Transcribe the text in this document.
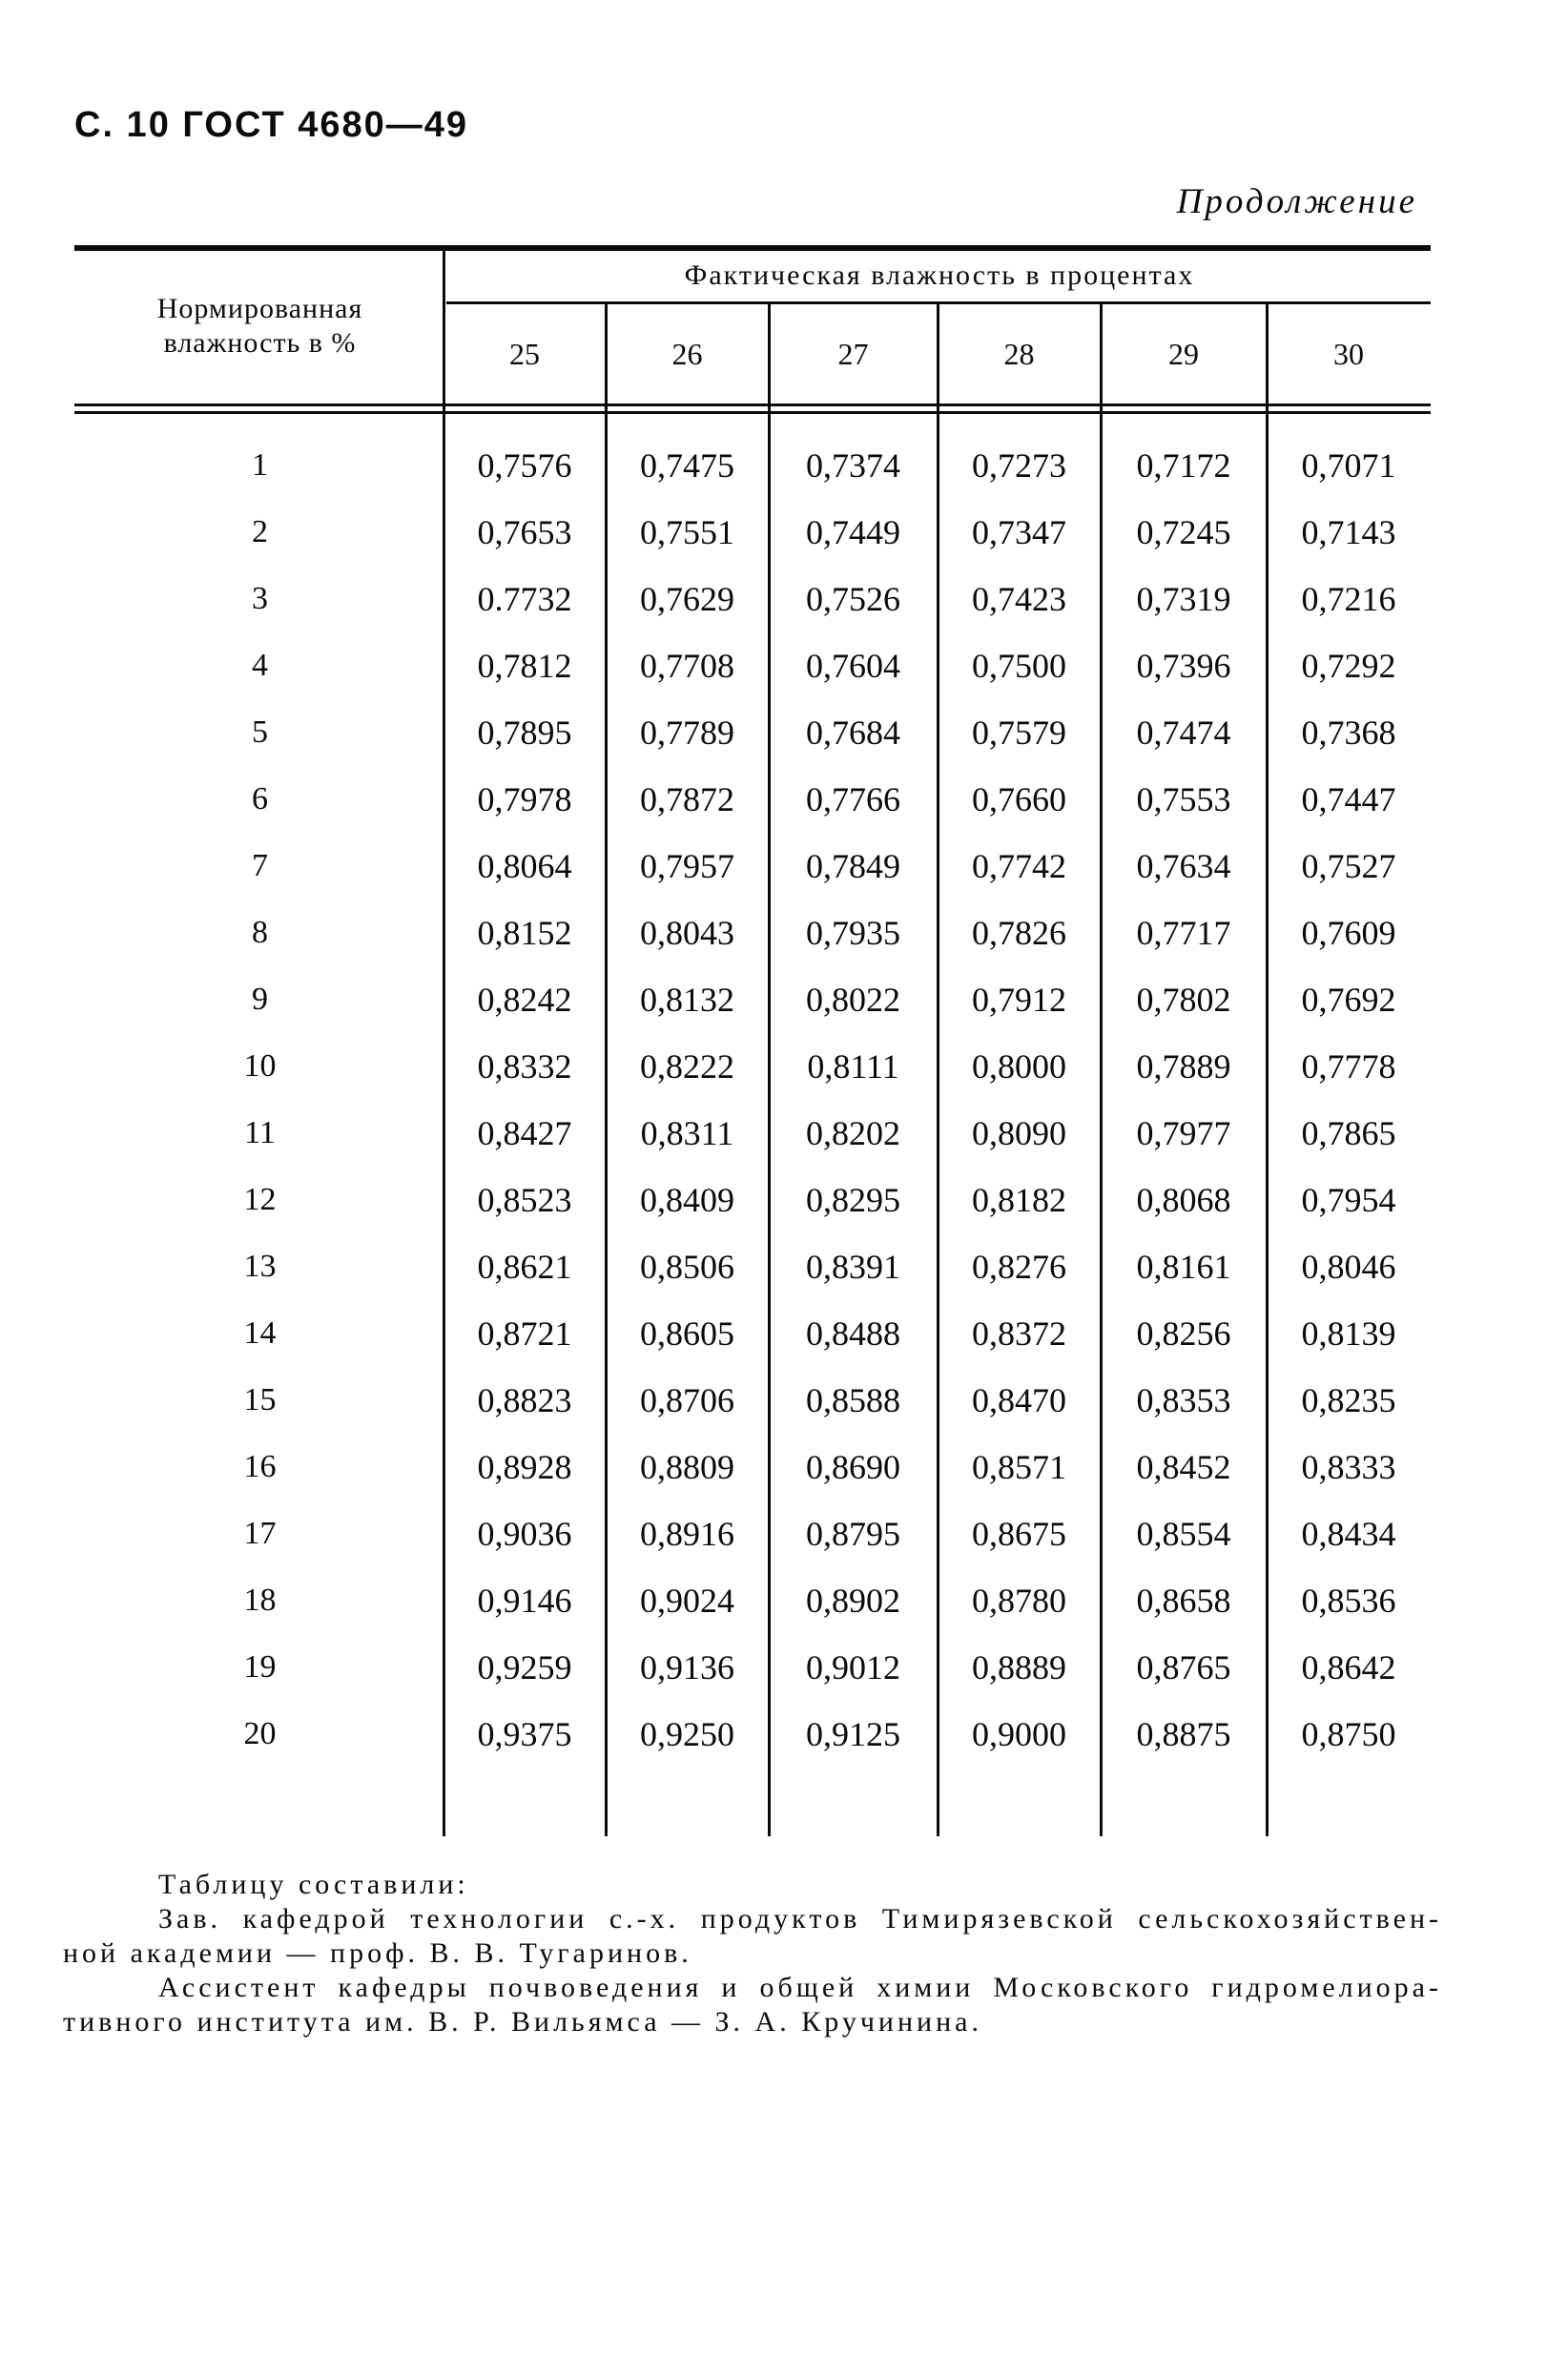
С. 10 ГОСТ 4680—49
Продолжение
Нормированная влажность в %
Фактическая влажность в процентах
25	26	27	28	29	30
1	0,7576	0,7475	0,7374	0,7273	0,7172	0,7071
2	0,7653	0,7551	0,7449	0,7347	0,7245	0,7143
3	0.7732	0,7629	0,7526	0,7423	0,7319	0,7216
4	0,7812	0,7708	0,7604	0,7500	0,7396	0,7292
5	0,7895	0,7789	0,7684	0,7579	0,7474	0,7368
6	0,7978	0,7872	0,7766	0,7660	0,7553	0,7447
7	0,8064	0,7957	0,7849	0,7742	0,7634	0,7527
8	0,8152	0,8043	0,7935	0,7826	0,7717	0,7609
9	0,8242	0,8132	0,8022	0,7912	0,7802	0,7692
10	0,8332	0,8222	0,8111	0,8000	0,7889	0,7778
11	0,8427	0,8311	0,8202	0,8090	0,7977	0,7865
12	0,8523	0,8409	0,8295	0,8182	0,8068	0,7954
13	0,8621	0,8506	0,8391	0,8276	0,8161	0,8046
14	0,8721	0,8605	0,8488	0,8372	0,8256	0,8139
15	0,8823	0,8706	0,8588	0,8470	0,8353	0,8235
16	0,8928	0,8809	0,8690	0,8571	0,8452	0,8333
17	0,9036	0,8916	0,8795	0,8675	0,8554	0,8434
18	0,9146	0,9024	0,8902	0,8780	0,8658	0,8536
19	0,9259	0,9136	0,9012	0,8889	0,8765	0,8642
20	0,9375	0,9250	0,9125	0,9000	0,8875	0,8750
Таблицу составили:
Зав. кафедрой технологии с.-х. продуктов Тимирязевской сельскохозяйствен-
ной академии — проф. В. В. Тугаринов.
Ассистент кафедры почвоведения и общей химии Московского гидромелиора-
тивного института им. В. Р. Вильямса — З. А. Кручинина.
